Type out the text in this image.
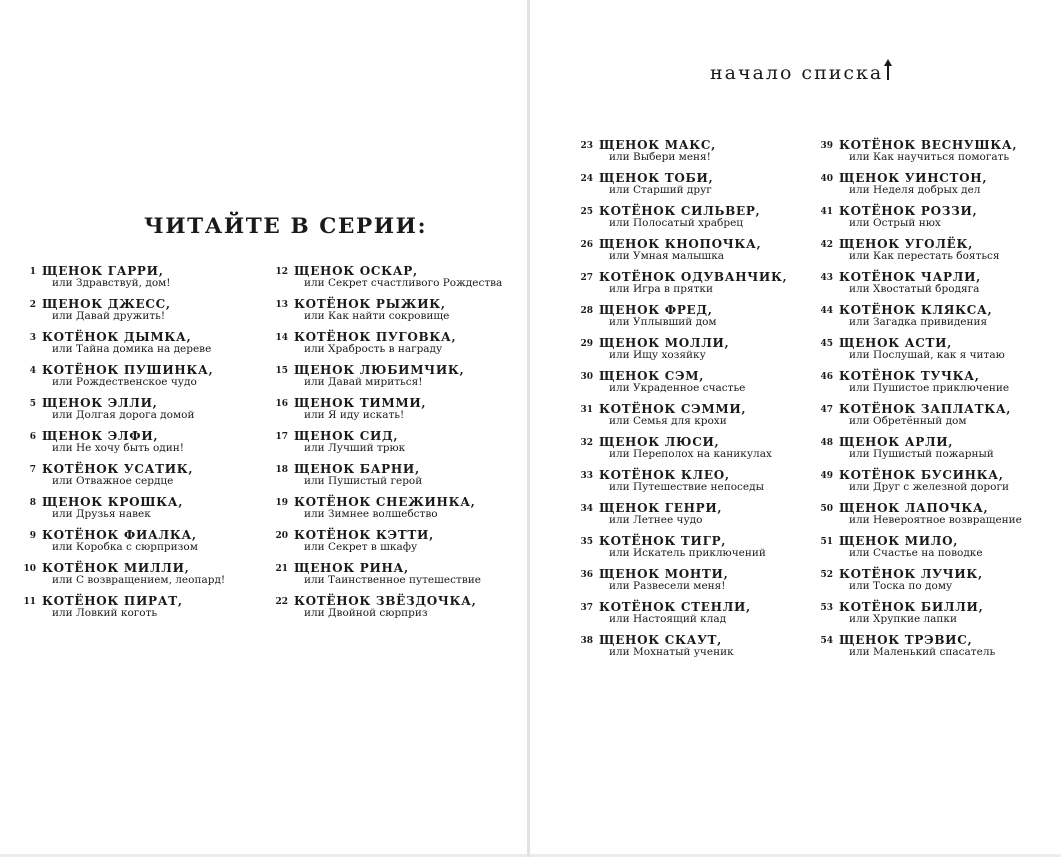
ЧИТАЙТЕ В СЕРИИ:
1 ЩЕНОК ГАРРИ,
или Здравствуй, дом!
2 ЩЕНОК ДЖЕСС,
или Давай дружить!
3 КОТЁНОК ДЫМКА,
или Тайна домика на дереве
4 КОТЁНОК ПУШИНКА,
или Рождественское чудо
5 ЩЕНОК ЭЛЛИ,
или Долгая дорога домой
6 ЩЕНОК ЭЛФИ,
или Не хочу быть один!
7 КОТЁНОК УСАТИК,
или Отважное сердце
8 ЩЕНОК КРОШКА,
или Друзья навек
9 КОТЁНОК ФИАЛКА,
или Коробка с сюрпризом
10 КОТЁНОК МИЛЛИ,
или С возвращением, леопард!
11 КОТЁНОК ПИРАТ,
или Ловкий коготь
12 ЩЕНОК ОСКАР,
или Секрет счастливого Рождества
13 КОТЁНОК РЫЖИК,
или Как найти сокровище
14 КОТЁНОК ПУГОВКА,
или Храбрость в награду
15 ЩЕНОК ЛЮБИМЧИК,
или Давай мириться!
16 ЩЕНОК ТИММИ,
или Я иду искать!
17 ЩЕНОК СИД,
или Лучший трюк
18 ЩЕНОК БАРНИ,
или Пушистый герой
19 КОТЁНОК СНЕЖИНКА,
или Зимнее волшебство
20 КОТЁНОК КЭТТИ,
или Секрет в шкафу
21 ЩЕНОК РИНА,
или Таинственное путешествие
22 КОТЁНОК ЗВЁЗДОЧКА,
или Двойной сюрприз
начало списка
23 ЩЕНОК МАКС,
или Выбери меня!
24 ЩЕНОК ТОБИ,
или Старший друг
25 КОТЁНОК СИЛЬВЕР,
или Полосатый храбрец
26 ЩЕНОК КНОПОЧКА,
или Умная малышка
27 КОТЁНОК ОДУВАНЧИК,
или Игра в прятки
28 ЩЕНОК ФРЕД,
или Уплывший дом
29 ЩЕНОК МОЛЛИ,
или Ищу хозяйку
30 ЩЕНОК СЭМ,
или Украденное счастье
31 КОТЁНОК СЭММИ,
или Семья для крохи
32 ЩЕНОК ЛЮСИ,
или Переполох на каникулах
33 КОТЁНОК КЛЕО,
или Путешествие непоседы
34 ЩЕНОК ГЕНРИ,
или Летнее чудо
35 КОТЁНОК ТИГР,
или Искатель приключений
36 ЩЕНОК МОНТИ,
или Развесели меня!
37 КОТЁНОК СТЕНЛИ,
или Настоящий клад
38 ЩЕНОК СКАУТ,
или Мохнатый ученик
39 КОТЁНОК ВЕСНУШКА,
или Как научиться помогать
40 ЩЕНОК УИНСТОН,
или Неделя добрых дел
41 КОТЁНОК РОЗЗИ,
или Острый нюх
42 ЩЕНОК УГОЛЁК,
или Как перестать бояться
43 КОТЁНОК ЧАРЛИ,
или Хвостатый бродяга
44 КОТЁНОК КЛЯКСА,
или Загадка привидения
45 ЩЕНОК АСТИ,
или Послушай, как я читаю
46 КОТЁНОК ТУЧКА,
или Пушистое приключение
47 КОТЁНОК ЗАПЛАТКА,
или Обретённый дом
48 ЩЕНОК АРЛИ,
или Пушистый пожарный
49 КОТЁНОК БУСИНКА,
или Друг с железной дороги
50 ЩЕНОК ЛАПОЧКА,
или Невероятное возвращение
51 ЩЕНОК МИЛО,
или Счастье на поводке
52 КОТЁНОК ЛУЧИК,
или Тоска по дому
53 КОТЁНОК БИЛЛИ,
или Хрупкие лапки
54 ЩЕНОК ТРЭВИС,
или Маленький спасатель
